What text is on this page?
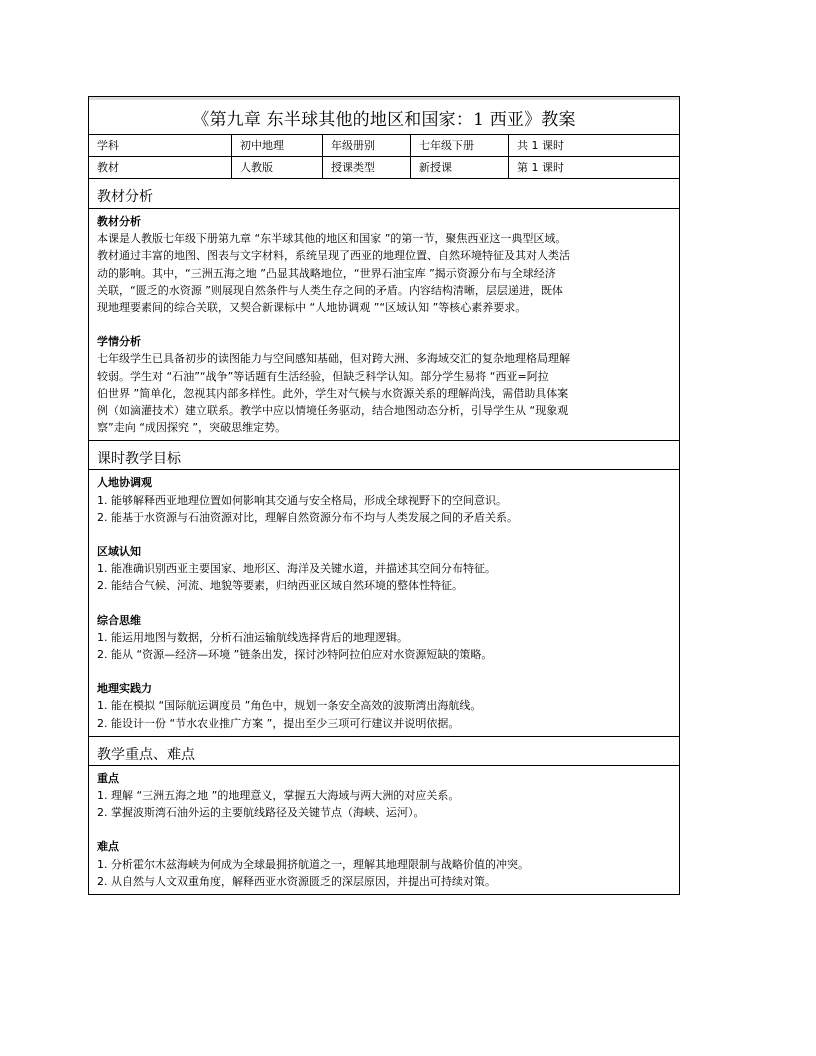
《第九章 东半球其他的地区和国家：1 西亚》教案
学科	初中地理	年级册别	七年级下册	共 1 课时
教材	人教版	授课类型	新授课	第 1 课时
教材分析
教材分析
本课是人教版七年级下册第九章 “东半球其他的地区和国家 ”的第一节，聚焦西亚这一典型区域。
教材通过丰富的地图、图表与文字材料，系统呈现了西亚的地理位置、自然环境特征及其对人类活
动的影响。其中，“三洲五海之地 ”凸显其战略地位，“世界石油宝库 ”揭示资源分布与全球经济
关联，“匮乏的水资源 ”则展现自然条件与人类生存之间的矛盾。内容结构清晰，层层递进，既体
现地理要素间的综合关联，又契合新课标中 “人地协调观 ”“区域认知 ”等核心素养要求。
学情分析
七年级学生已具备初步的读图能力与空间感知基础，但对跨大洲、多海域交汇的复杂地理格局理解
较弱。学生对 “石油”“战争”等话题有生活经验，但缺乏科学认知。部分学生易将 “西亚=阿拉
伯世界 ”简单化，忽视其内部多样性。此外，学生对气候与水资源关系的理解尚浅，需借助具体案
例（如滴灌技术）建立联系。教学中应以情境任务驱动，结合地图动态分析，引导学生从 “现象观
察”走向 “成因探究 ”，突破思维定势。
课时教学目标
人地协调观
1. 能够解释西亚地理位置如何影响其交通与安全格局，形成全球视野下的空间意识。
2. 能基于水资源与石油资源对比，理解自然资源分布不均与人类发展之间的矛盾关系。
区域认知
1. 能准确识别西亚主要国家、地形区、海洋及关键水道，并描述其空间分布特征。
2. 能结合气候、河流、地貌等要素，归纳西亚区域自然环境的整体性特征。
综合思维
1. 能运用地图与数据，分析石油运输航线选择背后的地理逻辑。
2. 能从 “资源—经济—环境 ”链条出发，探讨沙特阿拉伯应对水资源短缺的策略。
地理实践力
1. 能在模拟 “国际航运调度员 ”角色中，规划一条安全高效的波斯湾出海航线。
2. 能设计一份 “节水农业推广方案 ”，提出至少三项可行建议并说明依据。
教学重点、难点
重点
1. 理解 “三洲五海之地 ”的地理意义，掌握五大海域与两大洲的对应关系。
2. 掌握波斯湾石油外运的主要航线路径及关键节点（海峡、运河）。
难点
1. 分析霍尔木兹海峡为何成为全球最拥挤航道之一，理解其地理限制与战略价值的冲突。
2. 从自然与人文双重角度，解释西亚水资源匮乏的深层原因，并提出可持续对策。
